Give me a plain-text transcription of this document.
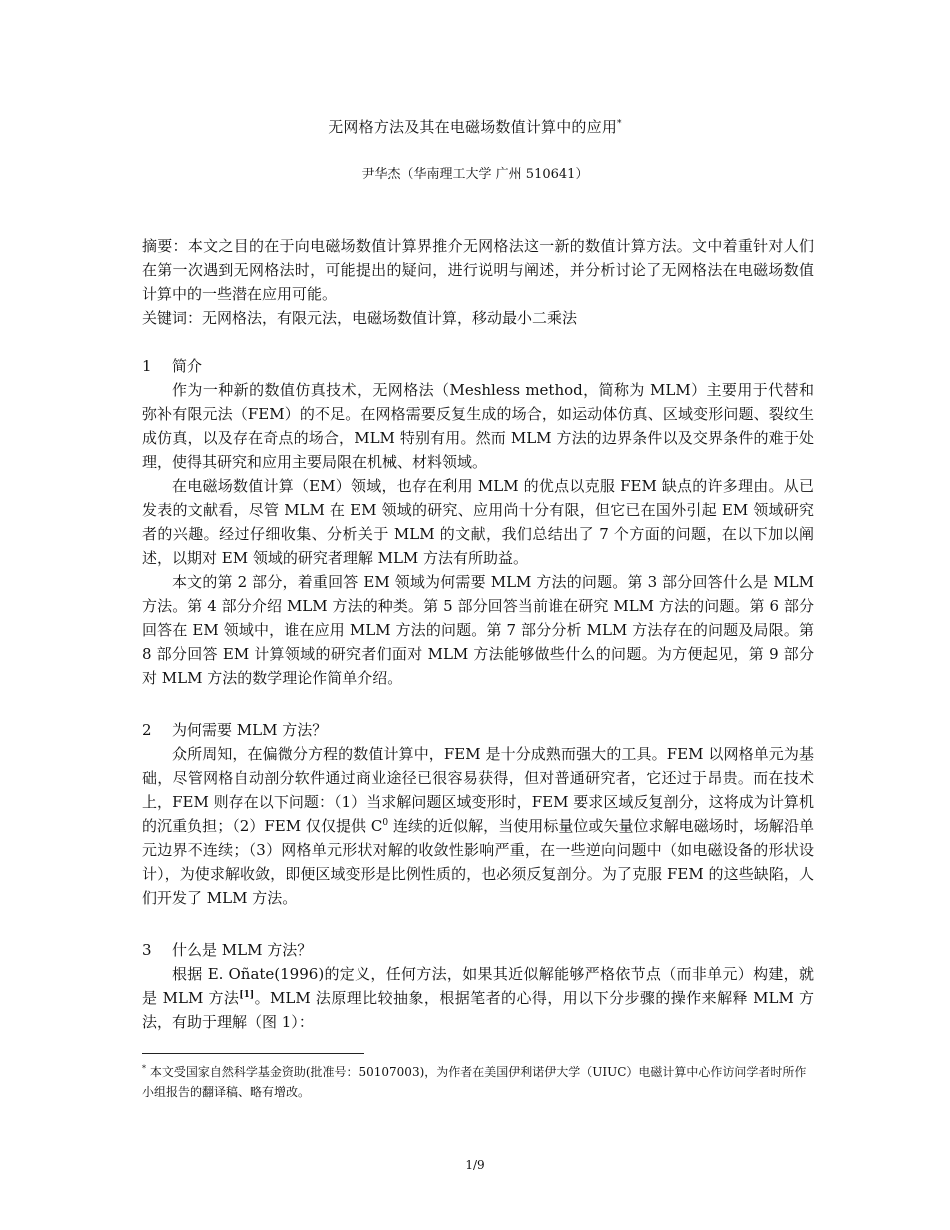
无网格方法及其在电磁场数值计算中的应用*
尹华杰（华南理工大学 广州 510641）

摘要：本文之目的在于向电磁场数值计算界推介无网格法这一新的数值计算方法。文中着重针对人们在第一次遇到无网格法时，可能提出的疑问，进行说明与阐述，并分析讨论了无网格法在电磁场数值计算中的一些潜在应用可能。

关键词：无网格法，有限元法，电磁场数值计算，移动最小二乘法

1 简介

作为一种新的数值仿真技术，无网格法（Meshless method，简称为 MLM）主要用于代替和弥补有限元法（FEM）的不足。在网格需要反复生成的场合，如运动体仿真、区域变形问题、裂纹生成仿真，以及存在奇点的场合，MLM 特别有用。然而 MLM 方法的边界条件以及交界条件的难于处理，使得其研究和应用主要局限在机械、材料领域。

在电磁场数值计算（EM）领域，也存在利用 MLM 的优点以克服 FEM 缺点的许多理由。从已发表的文献看，尽管 MLM 在 EM 领域的研究、应用尚十分有限，但它已在国外引起 EM 领域研究者的兴趣。经过仔细收集、分析关于 MLM 的文献，我们总结出了 7 个方面的问题，在以下加以阐述，以期对 EM 领域的研究者理解 MLM 方法有所助益。

本文的第 2 部分，着重回答 EM 领域为何需要 MLM 方法的问题。第 3 部分回答什么是 MLM 方法。第 4 部分介绍 MLM 方法的种类。第 5 部分回答当前谁在研究 MLM 方法的问题。第 6 部分回答在 EM 领域中，谁在应用 MLM 方法的问题。第 7 部分分析 MLM 方法存在的问题及局限。第 8 部分回答 EM 计算领域的研究者们面对 MLM 方法能够做些什么的问题。为方便起见，第 9 部分对 MLM 方法的数学理论作简单介绍。

2 为何需要 MLM 方法？

众所周知，在偏微分方程的数值计算中，FEM 是十分成熟而强大的工具。FEM 以网格单元为基础，尽管网格自动剖分软件通过商业途径已很容易获得，但对普通研究者，它还过于昂贵。而在技术上，FEM 则存在以下问题：（1）当求解问题区域变形时，FEM 要求区域反复剖分，这将成为计算机的沉重负担；（2）FEM 仅仅提供 $C^0$ 连续的近似解，当使用标量位或矢量位求解电磁场时，场解沿单元边界不连续；（3）网格单元形状对解的收敛性影响严重，在一些逆向问题中（如电磁设备的形状设计），为使求解收敛，即便区域变形是比例性质的，也必须反复剖分。为了克服 FEM 的这些缺陷，人们开发了 MLM 方法。

3 什么是 MLM 方法？

根据 E. Oñate(1996)的定义，任何方法，如果其近似解能够严格依节点（而非单元）构建，就是 MLM 方法[1]。MLM 法原理比较抽象，根据笔者的心得，用以下分步骤的操作来解释 MLM 方法，有助于理解（图 1）：

* 本文受国家自然科学基金资助(批准号：50107003)，为作者在美国伊利诺伊大学（UIUC）电磁计算中心作访问学者时所作小组报告的翻译稿、略有增改。
1/9
